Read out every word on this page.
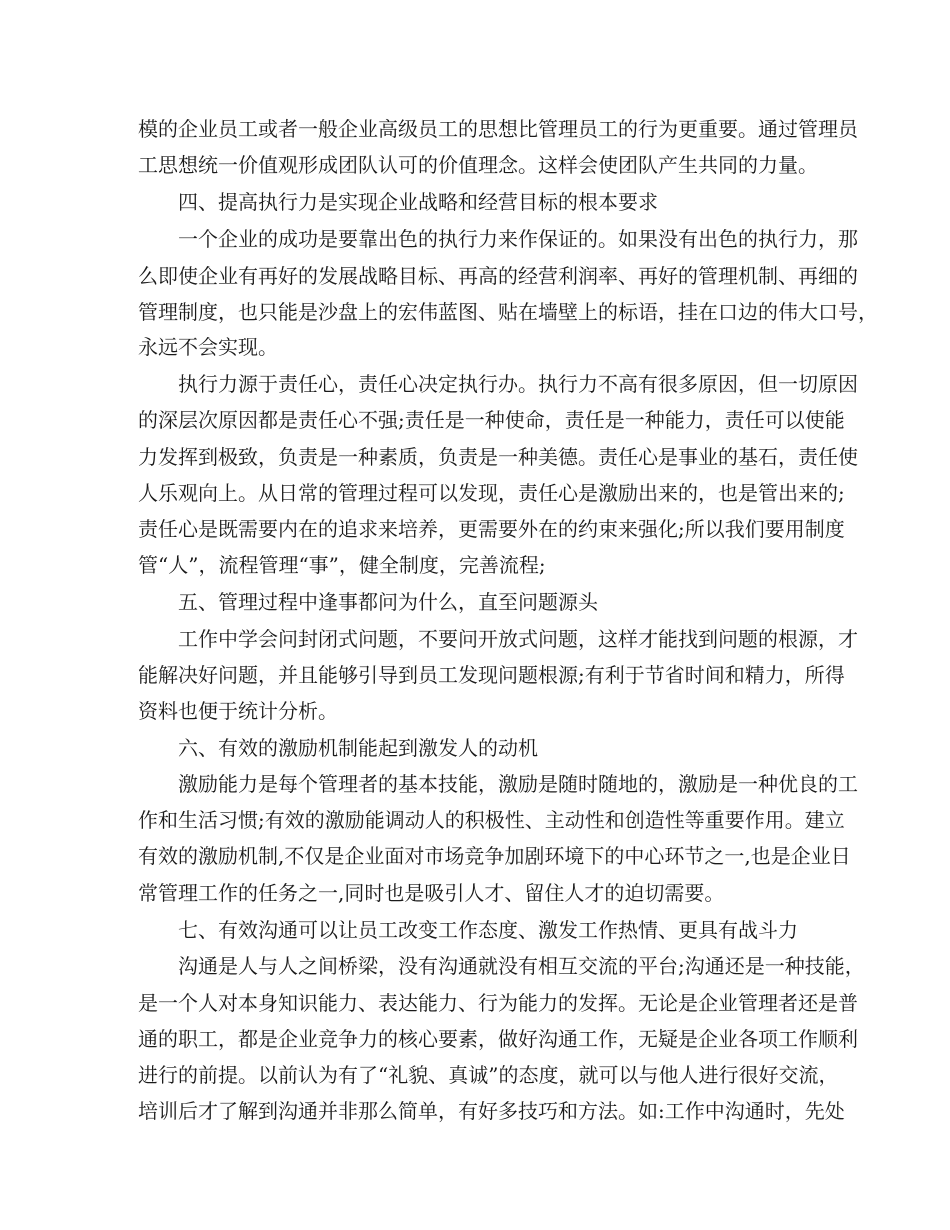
模的企业员工或者一般企业高级员工的思想比管理员工的行为更重要。通过管理员
工思想统一价值观形成团队认可的价值理念。这样会使团队产生共同的力量。
四、提高执行力是实现企业战略和经营目标的根本要求
一个企业的成功是要靠出色的执行力来作保证的。如果没有出色的执行力，那
么即使企业有再好的发展战略目标、再高的经营利润率、再好的管理机制、再细的
管理制度，也只能是沙盘上的宏伟蓝图、贴在墙壁上的标语，挂在口边的伟大口号，
永远不会实现。
执行力源于责任心，责任心决定执行办。执行力不高有很多原因，但一切原因
的深层次原因都是责任心不强;责任是一种使命，责任是一种能力，责任可以使能
力发挥到极致，负责是一种素质，负责是一种美德。责任心是事业的基石，责任使
人乐观向上。从日常的管理过程可以发现，责任心是激励出来的，也是管出来的;
责任心是既需要内在的追求来培养，更需要外在的约束来强化;所以我们要用制度
管“人”，流程管理“事”，健全制度，完善流程;
五、管理过程中逢事都问为什么，直至问题源头
工作中学会问封闭式问题，不要问开放式问题，这样才能找到问题的根源，才
能解决好问题，并且能够引导到员工发现问题根源;有利于节省时间和精力，所得
资料也便于统计分析。
六、有效的激励机制能起到激发人的动机
激励能力是每个管理者的基本技能，激励是随时随地的，激励是一种优良的工
作和生活习惯;有效的激励能调动人的积极性、主动性和创造性等重要作用。建立
有效的激励机制,不仅是企业面对市场竞争加剧环境下的中心环节之一,也是企业日
常管理工作的任务之一,同时也是吸引人才、留住人才的迫切需要。
七、有效沟通可以让员工改变工作态度、激发工作热情、更具有战斗力
沟通是人与人之间桥梁，没有沟通就没有相互交流的平台;沟通还是一种技能，
是一个人对本身知识能力、表达能力、行为能力的发挥。无论是企业管理者还是普
通的职工，都是企业竞争力的核心要素，做好沟通工作，无疑是企业各项工作顺利
进行的前提。以前认为有了“礼貌、真诚”的态度，就可以与他人进行很好交流，
培训后才了解到沟通并非那么简单，有好多技巧和方法。如:工作中沟通时，先处
